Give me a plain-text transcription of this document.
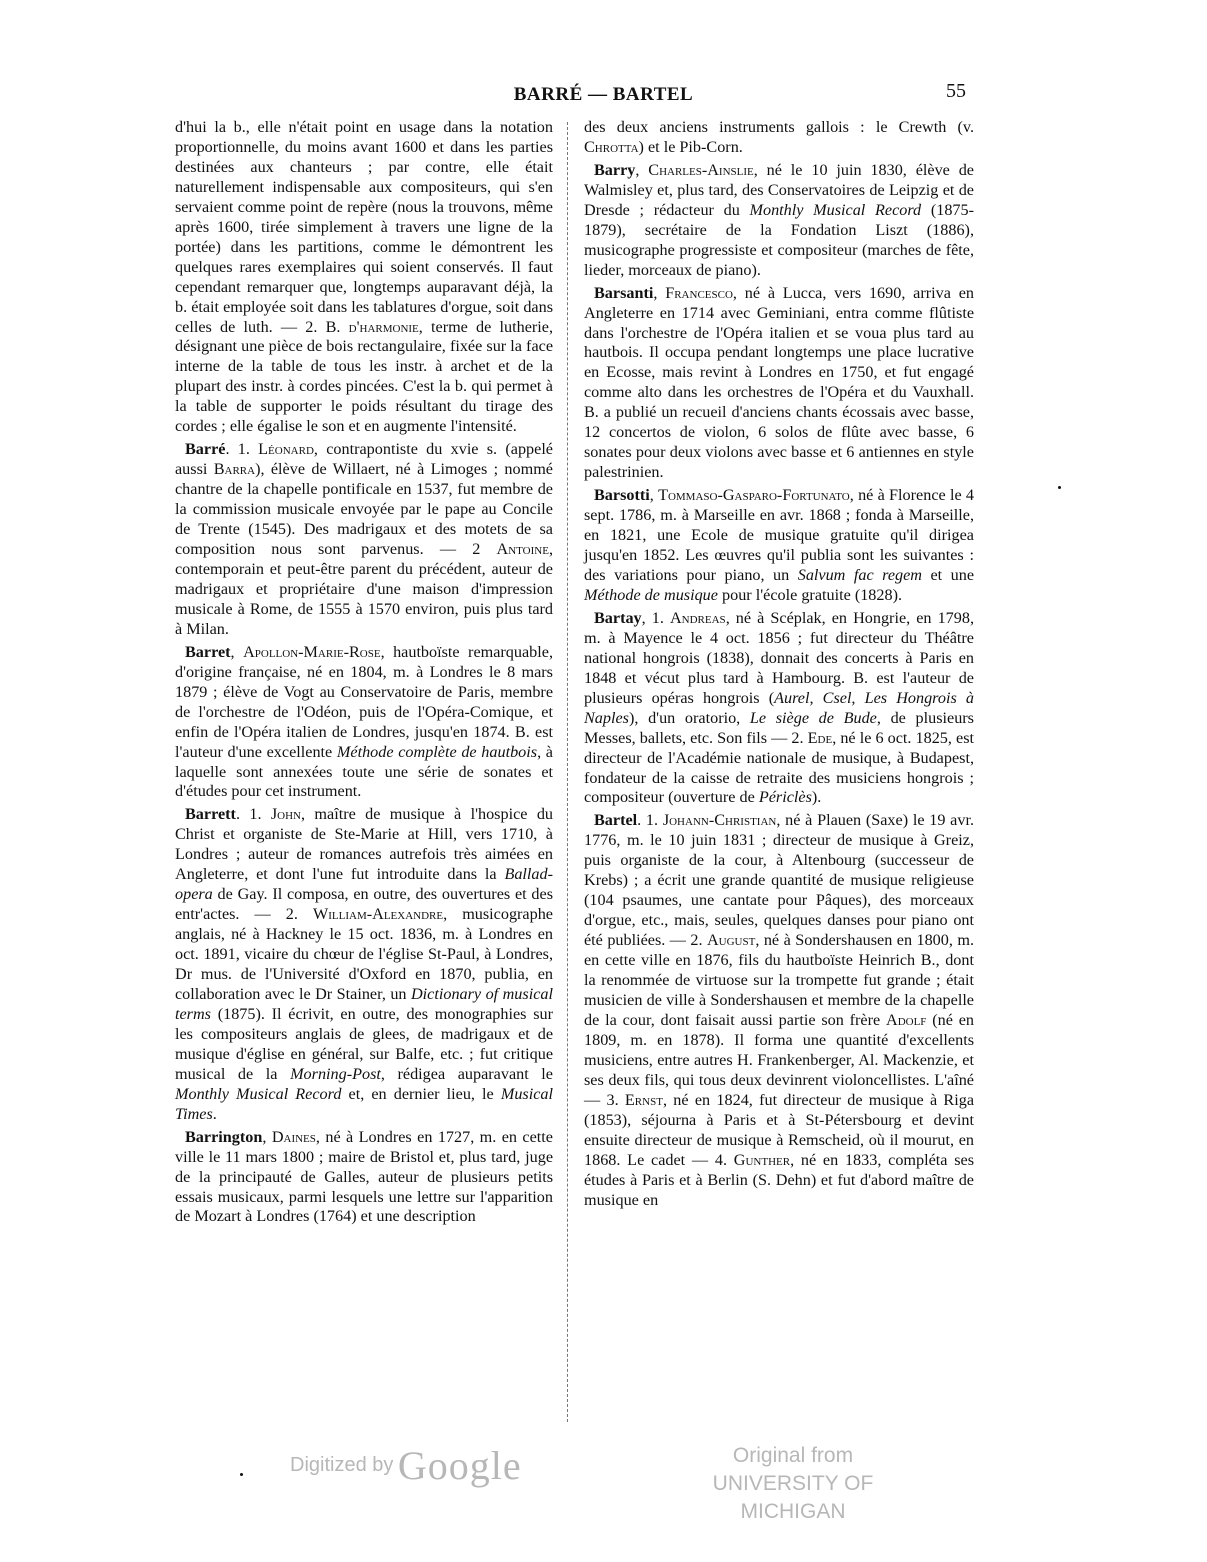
BARRÉ — BARTEL	55

d'hui la b., elle n'était point en usage dans la notation proportionnelle, du moins avant 1600 et dans les parties destinées aux chanteurs ; par contre, elle était naturellement indispensable aux compositeurs, qui s'en servaient comme point de repère (nous la trouvons, même après 1600, tirée simplement à travers une ligne de la portée) dans les partitions, comme le démontrent les quelques rares exemplaires qui soient conservés. Il faut cependant remarquer que, longtemps auparavant déjà, la b. était employée soit dans les tablatures d'orgue, soit dans celles de luth. — 2. B. d'harmonie, terme de lutherie, désignant une pièce de bois rectangulaire, fixée sur la face interne de la table de tous les instr. à archet et de la plupart des instr. à cordes pincées. C'est la b. qui permet à la table de supporter le poids résultant du tirage des cordes ; elle égalise le son et en augmente l'intensité.

Barré. 1. Léonard, contrapontiste du xvie s. (appelé aussi Barra), élève de Willaert, né à Limoges ; nommé chantre de la chapelle pontificale en 1537, fut membre de la commission musicale envoyée par le pape au Concile de Trente (1545). Des madrigaux et des motets de sa composition nous sont parvenus. — 2 Antoine, contemporain et peut-être parent du précédent, auteur de madrigaux et propriétaire d'une maison d'impression musicale à Rome, de 1555 à 1570 environ, puis plus tard à Milan.

Barret, Apollon-Marie-Rose, hautboïste remarquable, d'origine française, né en 1804, m. à Londres le 8 mars 1879 ; élève de Vogt au Conservatoire de Paris, membre de l'orchestre de l'Odéon, puis de l'Opéra-Comique, et enfin de l'Opéra italien de Londres, jusqu'en 1874. B. est l'auteur d'une excellente Méthode complète de hautbois, à laquelle sont annexées toute une série de sonates et d'études pour cet instrument.

Barrett. 1. John, maître de musique à l'hospice du Christ et organiste de Ste-Marie at Hill, vers 1710, à Londres ; auteur de romances autrefois très aimées en Angleterre, et dont l'une fut introduite dans la Ballad-opera de Gay. Il composa, en outre, des ouvertures et des entr'actes. — 2. William-Alexandre, musicographe anglais, né à Hackney le 15 oct. 1836, m. à Londres en oct. 1891, vicaire du chœur de l'église St-Paul, à Londres, Dr mus. de l'Université d'Oxford en 1870, publia, en collaboration avec le Dr Stainer, un Dictionary of musical terms (1875). Il écrivit, en outre, des monographies sur les compositeurs anglais de glees, de madrigaux et de musique d'église en général, sur Balfe, etc. ; fut critique musical de la Morning-Post, rédigea auparavant le Monthly Musical Record et, en dernier lieu, le Musical Times.

Barrington, Daines, né à Londres en 1727, m. en cette ville le 11 mars 1800 ; maire de Bristol et, plus tard, juge de la principauté de Galles, auteur de plusieurs petits essais musicaux, parmi lesquels une lettre sur l'apparition de Mozart à Londres (1764) et une description

des deux anciens instruments gallois : le Crewth (v. Chrotta) et le Pib-Corn.

Barry, Charles-Ainslie, né le 10 juin 1830, élève de Walmisley et, plus tard, des Conservatoires de Leipzig et de Dresde ; rédacteur du Monthly Musical Record (1875-1879), secrétaire de la Fondation Liszt (1886), musicographe progressiste et compositeur (marches de fête, lieder, morceaux de piano).

Barsanti, Francesco, né à Lucca, vers 1690, arriva en Angleterre en 1714 avec Geminiani, entra comme flûtiste dans l'orchestre de l'Opéra italien et se voua plus tard au hautbois. Il occupa pendant longtemps une place lucrative en Ecosse, mais revint à Londres en 1750, et fut engagé comme alto dans les orchestres de l'Opéra et du Vauxhall. B. a publié un recueil d'anciens chants écossais avec basse, 12 concertos de violon, 6 solos de flûte avec basse, 6 sonates pour deux violons avec basse et 6 antiennes en style palestrinien.

Barsotti, Tommaso-Gasparo-Fortunato, né à Florence le 4 sept. 1786, m. à Marseille en avr. 1868 ; fonda à Marseille, en 1821, une Ecole de musique gratuite qu'il dirigea jusqu'en 1852. Les œuvres qu'il publia sont les suivantes : des variations pour piano, un Salvum fac regem et une Méthode de musique pour l'école gratuite (1828).

Bartay, 1. Andreas, né à Scéplak, en Hongrie, en 1798, m. à Mayence le 4 oct. 1856 ; fut directeur du Théâtre national hongrois (1838), donnait des concerts à Paris en 1848 et vécut plus tard à Hambourg. B. est l'auteur de plusieurs opéras hongrois (Aurel, Csel, Les Hongrois à Naples), d'un oratorio, Le siège de Bude, de plusieurs Messes, ballets, etc. Son fils — 2. Ede, né le 6 oct. 1825, est directeur de l'Académie nationale de musique, à Budapest, fondateur de la caisse de retraite des musiciens hongrois ; compositeur (ouverture de Périclès).

Bartel. 1. Johann-Christian, né à Plauen (Saxe) le 19 avr. 1776, m. le 10 juin 1831 ; directeur de musique à Greiz, puis organiste de la cour, à Altenbourg (successeur de Krebs) ; a écrit une grande quantité de musique religieuse (104 psaumes, une cantate pour Pâques), des morceaux d'orgue, etc., mais, seules, quelques danses pour piano ont été publiées. — 2. August, né à Sondershausen en 1800, m. en cette ville en 1876, fils du hautboïste Heinrich B., dont la renommée de virtuose sur la trompette fut grande ; était musicien de ville à Sondershausen et membre de la chapelle de la cour, dont faisait aussi partie son frère Adolf (né en 1809, m. en 1878). Il forma une quantité d'excellents musiciens, entre autres H. Frankenberger, Al. Mackenzie, et ses deux fils, qui tous deux devinrent violoncellistes. L'aîné — 3. Ernst, né en 1824, fut directeur de musique à Riga (1853), séjourna à Paris et à St-Pétersbourg et devint ensuite directeur de musique à Remscheid, où il mourut, en 1868. Le cadet — 4. Gunther, né en 1833, compléta ses études à Paris et à Berlin (S. Dehn) et fut d'abord maître de musique en

Digitized by Google	Original from
UNIVERSITY OF MICHIGAN
